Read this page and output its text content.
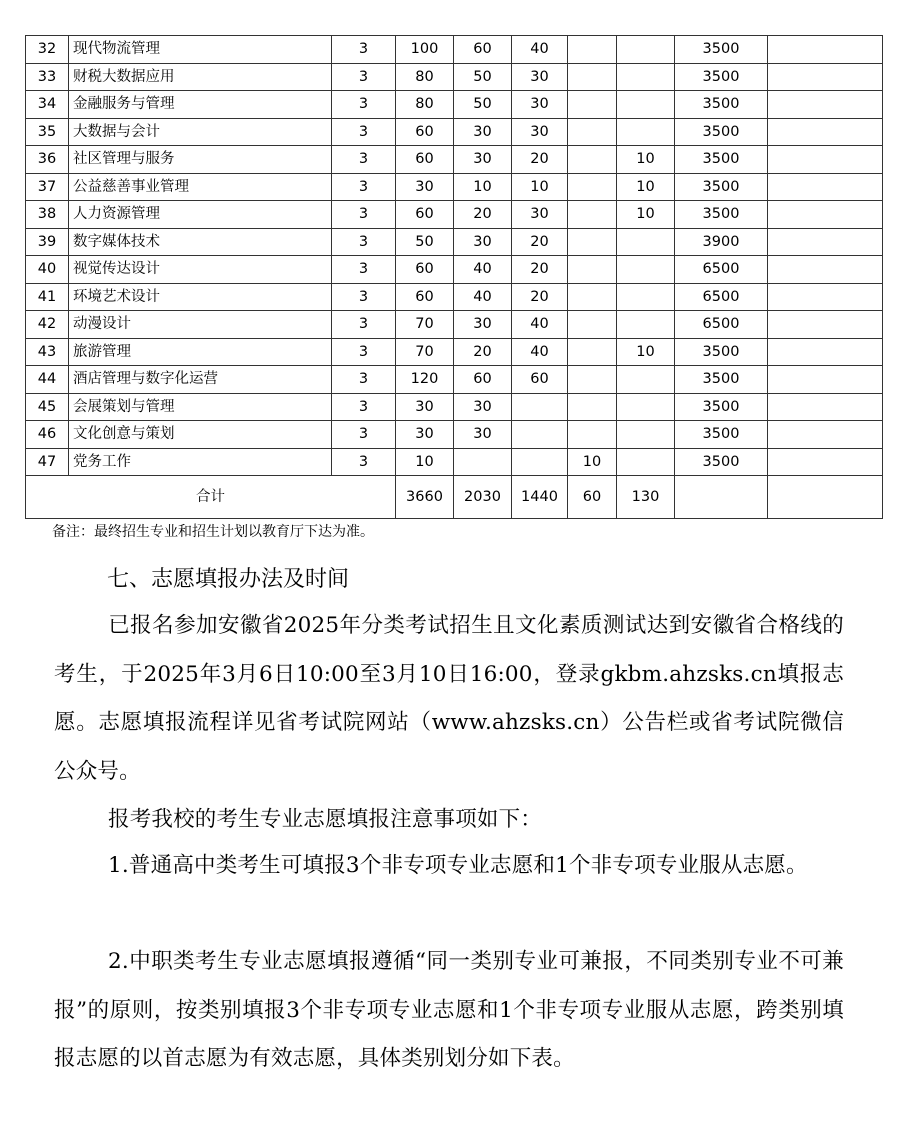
32	现代物流管理	3	100	60	40			3500	
33	财税大数据应用	3	80	50	30			3500	
34	金融服务与管理	3	80	50	30			3500	
35	大数据与会计	3	60	30	30			3500	
36	社区管理与服务	3	60	30	20		10	3500	
37	公益慈善事业管理	3	30	10	10		10	3500	
38	人力资源管理	3	60	20	30		10	3500	
39	数字媒体技术	3	50	30	20			3900	
40	视觉传达设计	3	60	40	20			6500	
41	环境艺术设计	3	60	40	20			6500	
42	动漫设计	3	70	30	40			6500	
43	旅游管理	3	70	20	40		10	3500	
44	酒店管理与数字化运营	3	120	60	60			3500	
45	会展策划与管理	3	30	30				3500	
46	文化创意与策划	3	30	30				3500	
47	党务工作	3	10			10		3500	
合计			3660	2030	1440	60	130		
备注：最终招生专业和招生计划以教育厅下达为准。
七、志愿填报办法及时间
已报名参加安徽省2025年分类考试招生且文化素质测试达到安徽省合格线的考生，于2025年3月6日10:00至3月10日16:00，登录gkbm.ahzsks.cn填报志愿。志愿填报流程详见省考试院网站（www.ahzsks.cn）公告栏或省考试院微信公众号。
报考我校的考生专业志愿填报注意事项如下：
1.普通高中类考生可填报3个非专项专业志愿和1个非专项专业服从志愿。
2.中职类考生专业志愿填报遵循“同一类别专业可兼报，不同类别专业不可兼报”的原则，按类别填报3个非专项专业志愿和1个非专项专业服从志愿，跨类别填报志愿的以首志愿为有效志愿，具体类别划分如下表。
